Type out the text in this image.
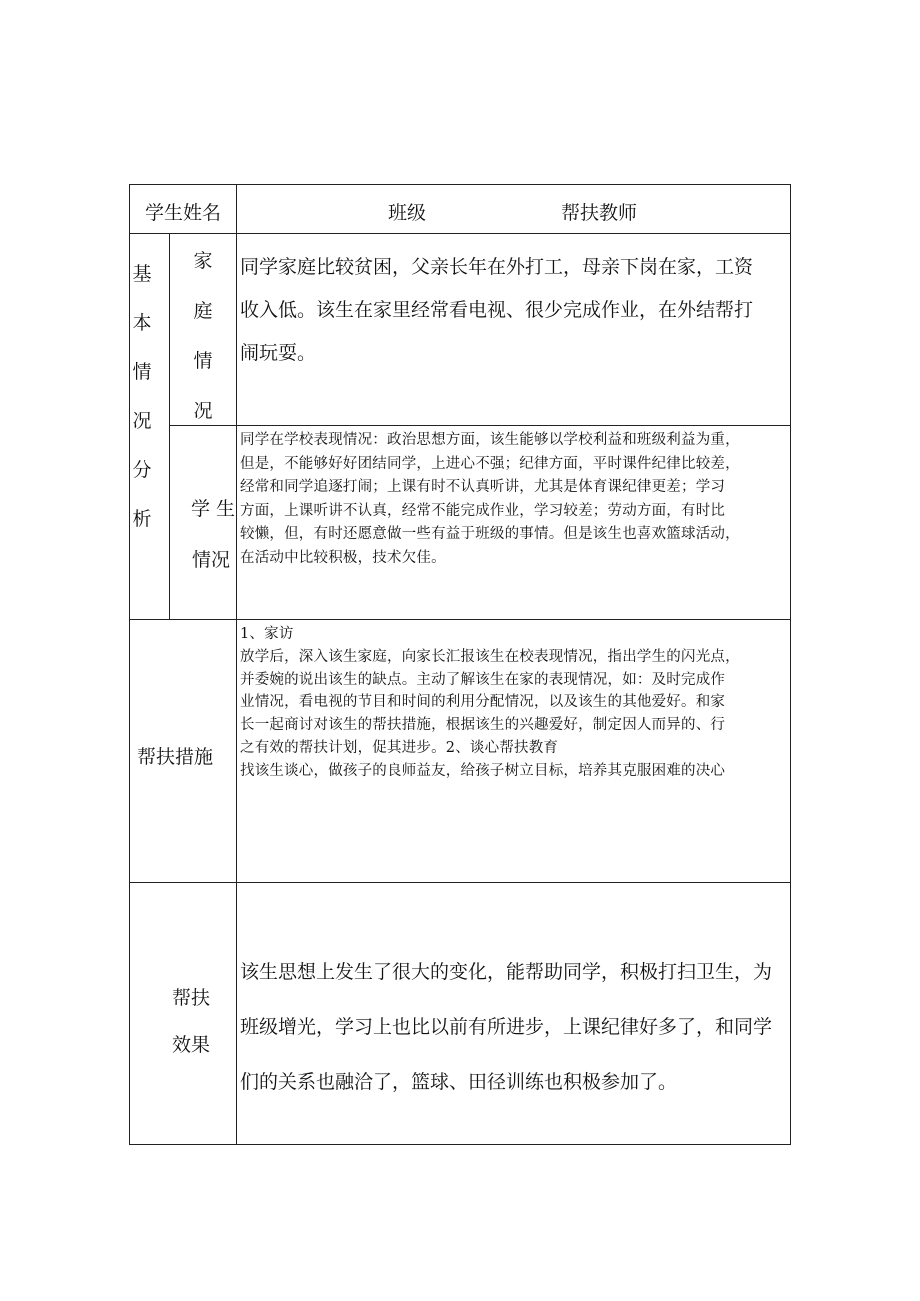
学生姓名	班级	帮扶教师
基
本
情
况
分
析
家
庭
情
况
同学家庭比较贫困，父亲长年在外打工，母亲下岗在家，工资
收入低。该生在家里经常看电视、很少完成作业，在外结帮打
闹玩耍。
学 生
情况
同学在学校表现情况：政治思想方面，该生能够以学校利益和班级利益为重，
但是，不能够好好团结同学，上进心不强；纪律方面，平时课件纪律比较差，
经常和同学追逐打闹；上课有时不认真听讲，尤其是体育课纪律更差；学习
方面，上课听讲不认真，经常不能完成作业，学习较差；劳动方面，有时比
较懒，但，有时还愿意做一些有益于班级的事情。但是该生也喜欢篮球活动，
在活动中比较积极，技术欠佳。
帮扶措施
1、家访
放学后，深入该生家庭，向家长汇报该生在校表现情况，指出学生的闪光点，
并委婉的说出该生的缺点。主动了解该生在家的表现情况，如：及时完成作
业情况，看电视的节目和时间的利用分配情况，以及该生的其他爱好。和家
长一起商讨对该生的帮扶措施，根据该生的兴趣爱好，制定因人而异的、行
之有效的帮扶计划，促其进步。2、谈心帮扶教育
找该生谈心，做孩子的良师益友，给孩子树立目标，培养其克服困难的决心
帮扶
效果
该生思想上发生了很大的变化，能帮助同学，积极打扫卫生，为
班级增光，学习上也比以前有所进步，上课纪律好多了，和同学
们的关系也融洽了，篮球、田径训练也积极参加了。
